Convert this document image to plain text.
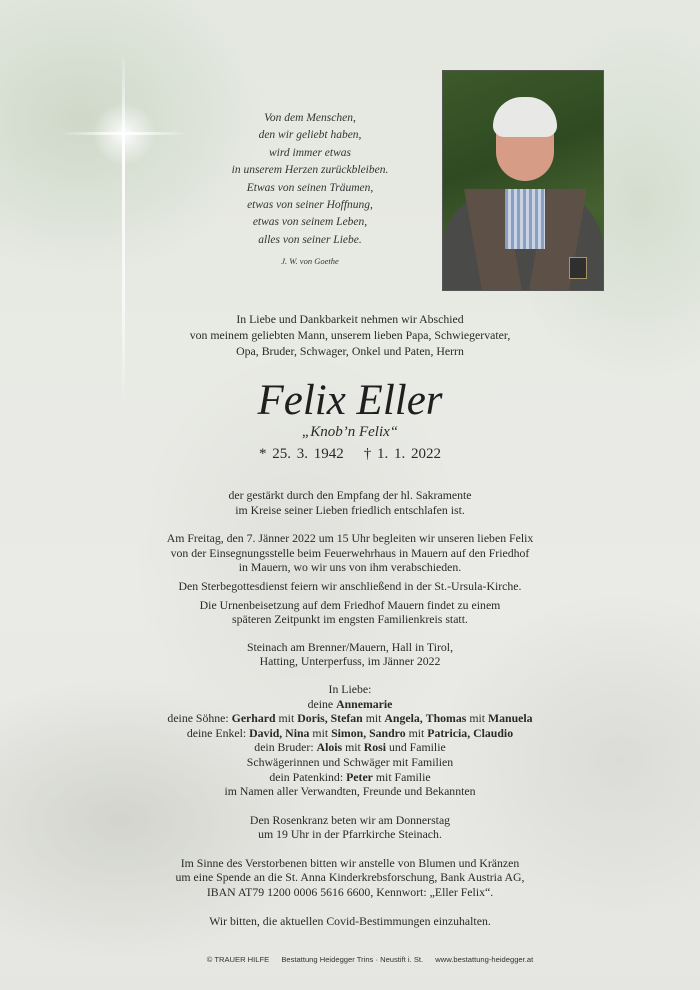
Von dem Menschen,
den wir geliebt haben,
wird immer etwas
in unserem Herzen zurückbleiben.
Etwas von seinen Träumen,
etwas von seiner Hoffnung,
etwas von seinem Leben,
alles von seiner Liebe.
J. W. von Goethe
In Liebe und Dankbarkeit nehmen wir Abschied
von meinem geliebten Mann, unserem lieben Papa, Schwiegervater,
Opa, Bruder, Schwager, Onkel und Paten, Herrn
Felix Eller
„Knob’n Felix“
* 25. 3. 1942 † 1. 1. 2022

der gestärkt durch den Empfang der hl. Sakramente

im Kreise seiner Lieben friedlich entschlafen ist.

Am Freitag, den 7. Jänner 2022 um 15 Uhr begleiten wir unseren lieben Felix

von der Einsegnungsstelle beim Feuerwehrhaus in Mauern auf den Friedhof

in Mauern, wo wir uns von ihm verabschieden.

Den Sterbegottesdienst feiern wir anschließend in der St.-Ursula-Kirche.

Die Urnenbeisetzung auf dem Friedhof Mauern findet zu einem

späteren Zeitpunkt im engsten Familienkreis statt.

Steinach am Brenner/Mauern, Hall in Tirol,

Hatting, Unterperfuss, im Jänner 2022

In Liebe:

deine Annemarie

deine Söhne: Gerhard mit Doris, Stefan mit Angela, Thomas mit Manuela

deine Enkel: David, Nina mit Simon, Sandro mit Patricia, Claudio

dein Bruder: Alois mit Rosi und Familie

Schwägerinnen und Schwäger mit Familien

dein Patenkind: Peter mit Familie

im Namen aller Verwandten, Freunde und Bekannten

Den Rosenkranz beten wir am Donnerstag

um 19 Uhr in der Pfarrkirche Steinach.

Im Sinne des Verstorbenen bitten wir anstelle von Blumen und Kränzen

um eine Spende an die St. Anna Kinderkrebsforschung, Bank Austria AG,

IBAN AT79 1200 0006 5616 6600, Kennwort: „Eller Felix“.

Wir bitten, die aktuellen Covid-Bestimmungen einzuhalten.

© TRAUER HILFE Bestattung Heidegger Trins · Neustift i. St. www.bestattung-heidegger.at
